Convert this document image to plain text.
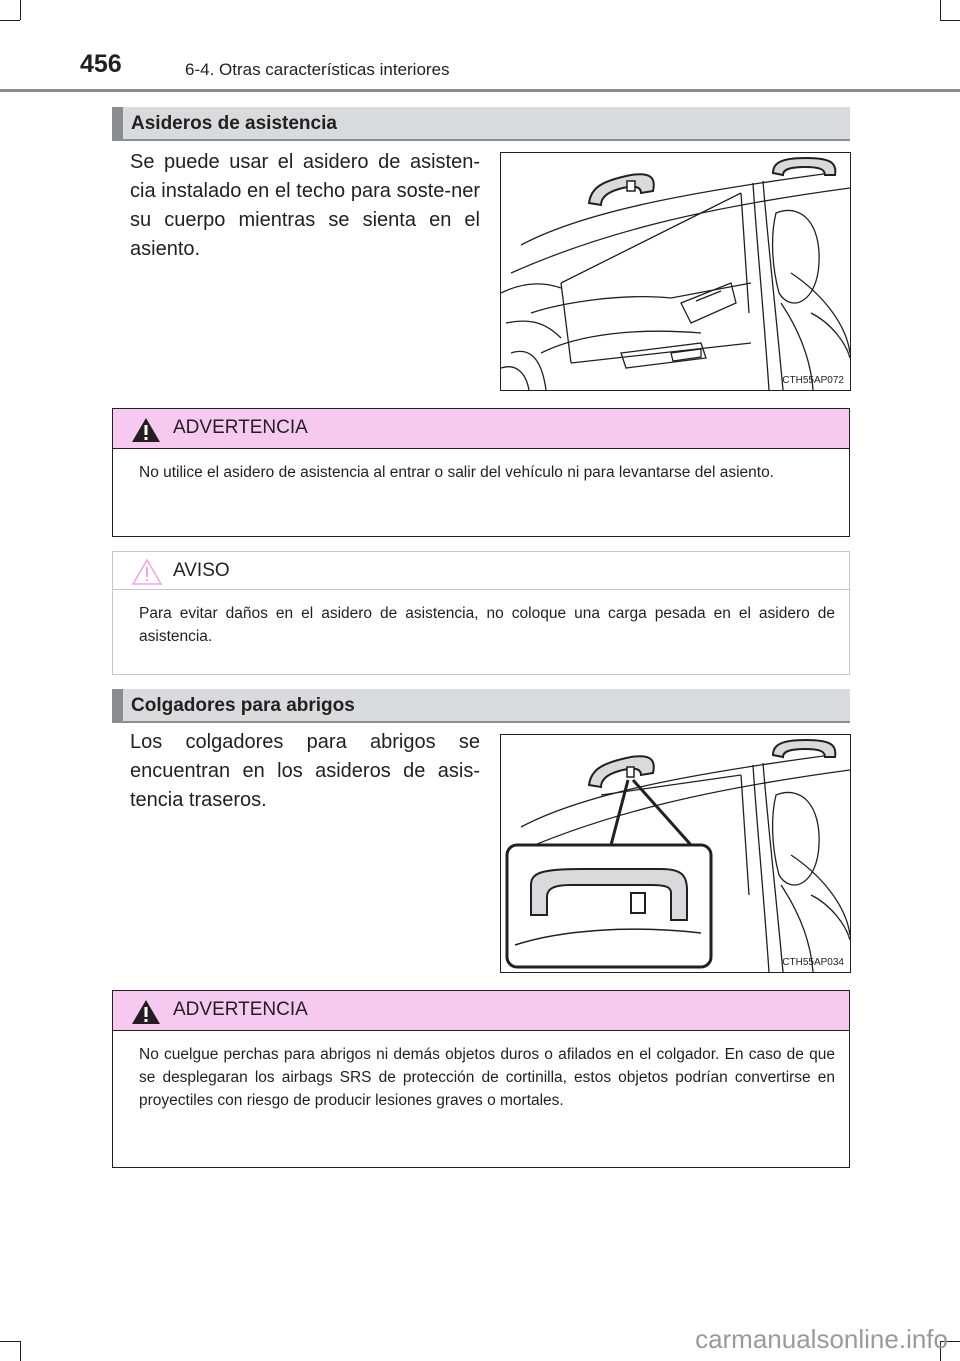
456	6-4. Otras características interiores
Asideros de asistencia
Se puede usar el asidero de asisten-cia instalado en el techo para soste-ner su cuerpo mientras se sienta en el asiento.
CTH55AP072
ADVERTENCIA
No utilice el asidero de asistencia al entrar o salir del vehículo ni para levantarse del asiento.
AVISO
Para evitar daños en el asidero de asistencia, no coloque una carga pesada en el asidero de asistencia.
Colgadores para abrigos
Los colgadores para abrigos se encuentran en los asideros de asis-tencia traseros.
CTH55AP034
ADVERTENCIA
No cuelgue perchas para abrigos ni demás objetos duros o afilados en el colgador. En caso de que se desplegaran los airbags SRS de protección de cortinilla, estos objetos podrían convertirse en proyectiles con riesgo de producir lesiones graves o mortales.
carmanualsonline.info
